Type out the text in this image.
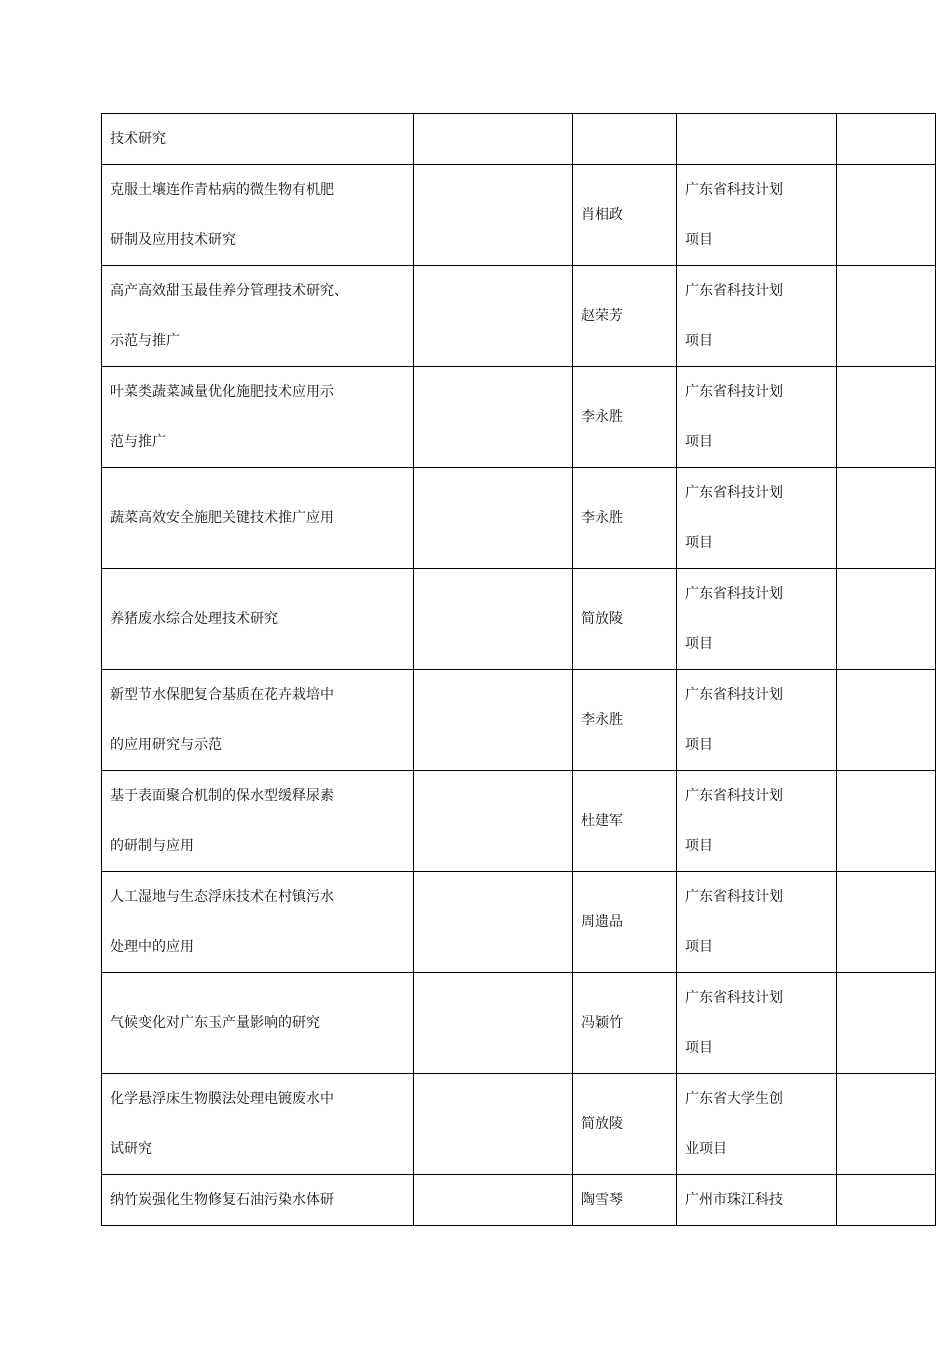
技术研究				

克服土壤连作青枯病的微生物有机肥
研制及应用技术研究		肖相政	广东省科技计划
项目	

高产高效甜玉最佳养分管理技术研究、
示范与推广		赵荣芳	广东省科技计划
项目	

叶菜类蔬菜减量优化施肥技术应用示
范与推广		李永胜	广东省科技计划
项目	

蔬菜高效安全施肥关键技术推广应用		李永胜	广东省科技计划
项目	

养猪废水综合处理技术研究		简放陵	广东省科技计划
项目	

新型节水保肥复合基质在花卉栽培中
的应用研究与示范		李永胜	广东省科技计划
项目	

基于表面聚合机制的保水型缓释尿素
的研制与应用		杜建军	广东省科技计划
项目	

人工湿地与生态浮床技术在村镇污水
处理中的应用		周遗品	广东省科技计划
项目	

气候变化对广东玉产量影响的研究		冯颖竹	广东省科技计划
项目	

化学悬浮床生物膜法处理电镀废水中
试研究		简放陵	广东省大学生创
业项目	

纳竹炭强化生物修复石油污染水体研		陶雪琴	广州市珠江科技	
